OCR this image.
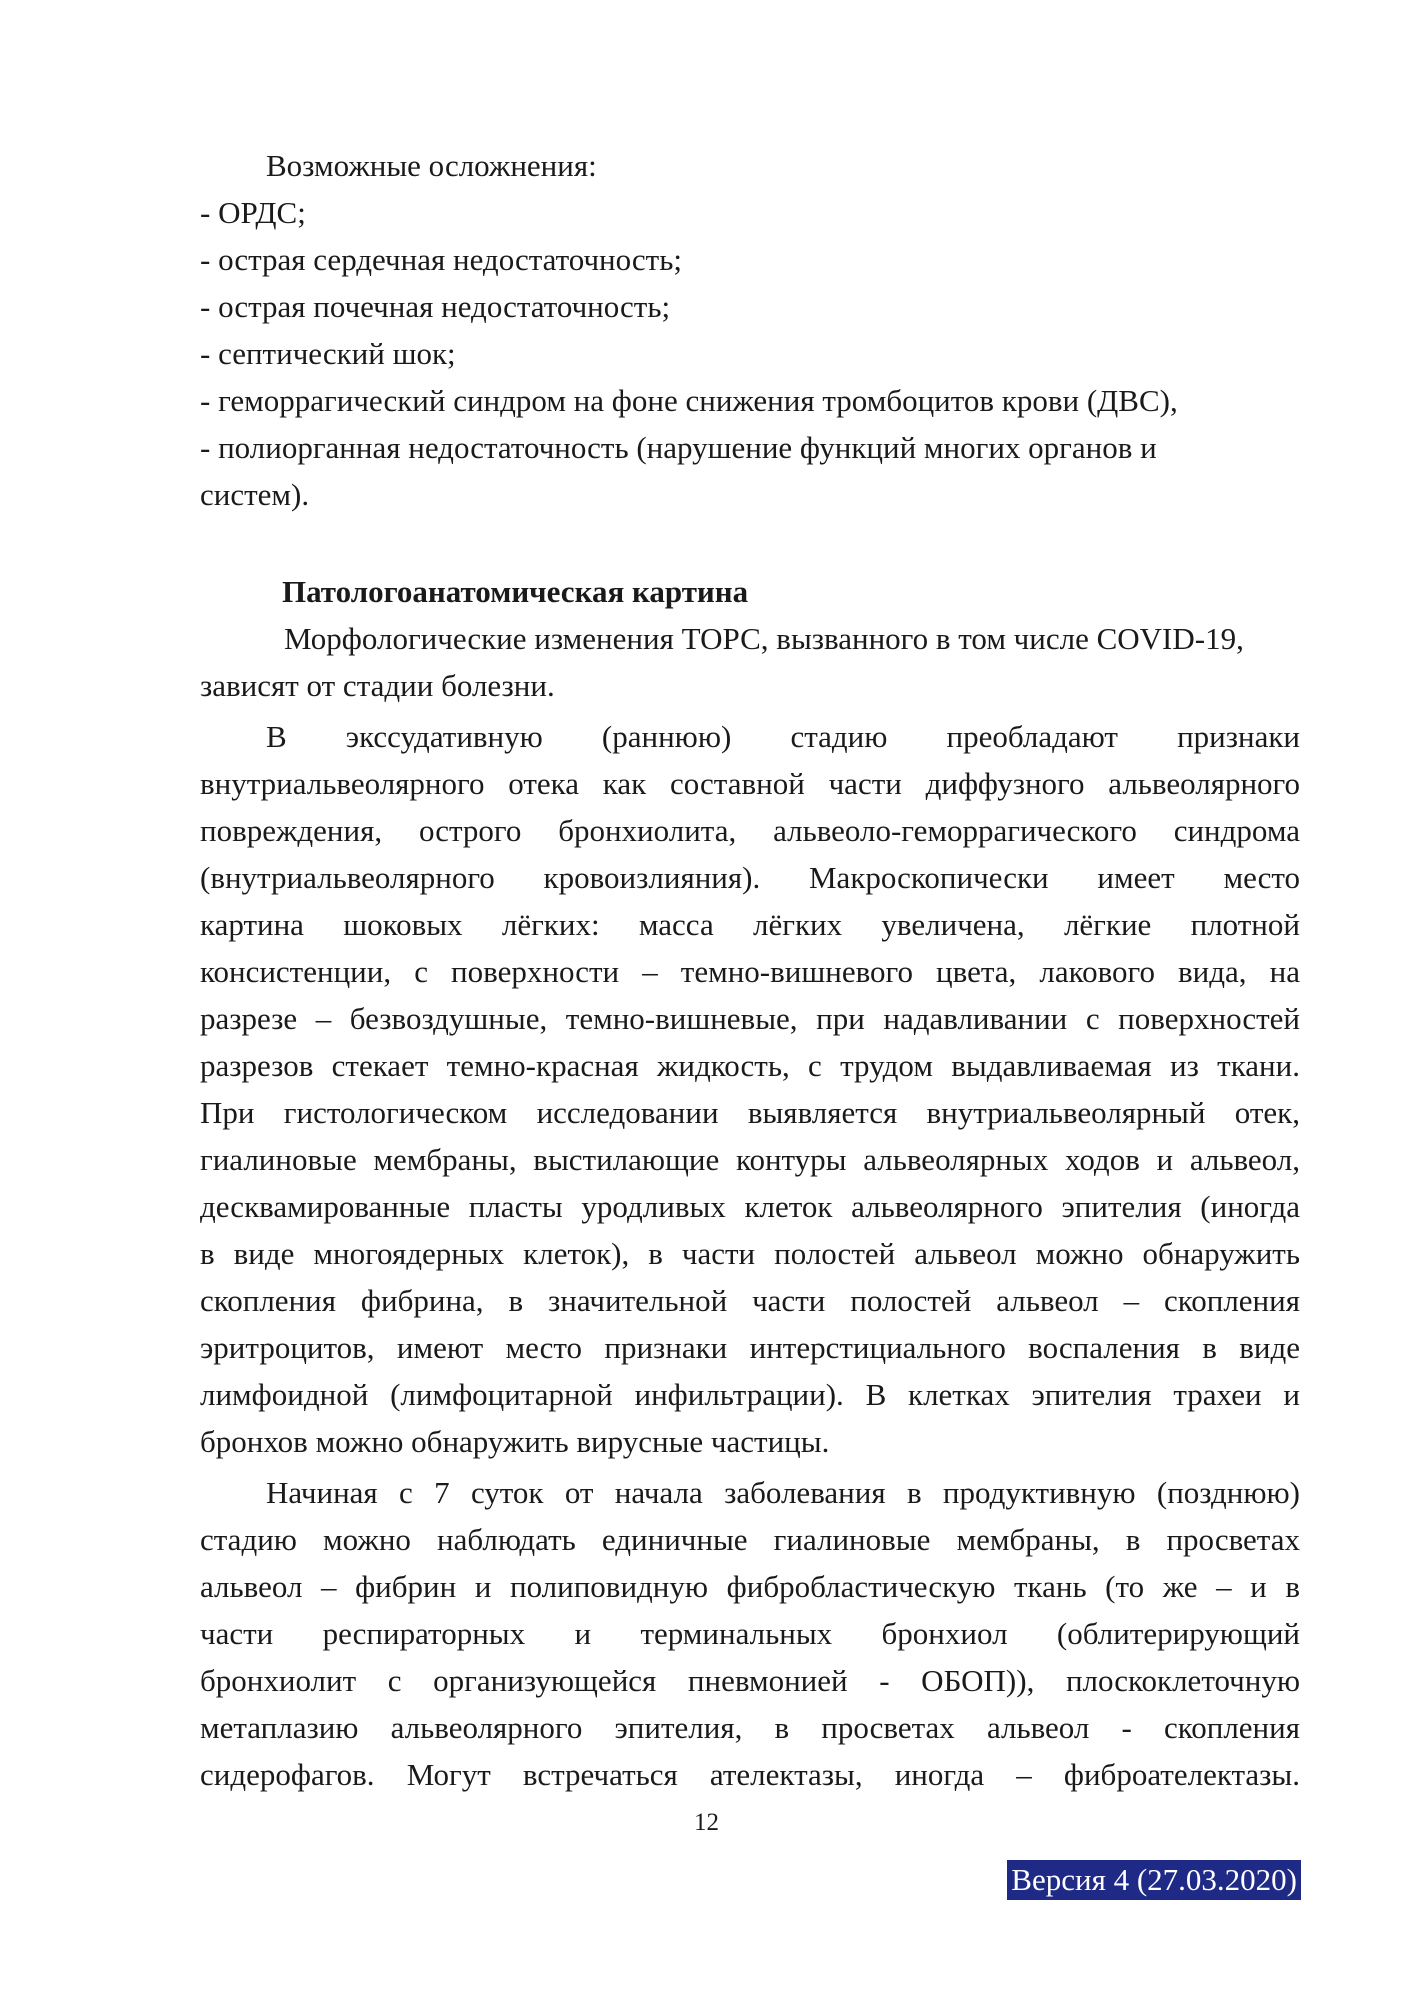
Возможные осложнения:
- ОРДС;
- острая сердечная недостаточность;
- острая почечная недостаточность;
- септический шок;
- геморрагический синдром на фоне снижения тромбоцитов крови (ДВС),
- полиорганная недостаточность (нарушение функций многих органов и
систем).
Патологоанатомическая картина
Морфологические изменения ТОРС, вызванного в том числе COVID-19,
зависят от стадии болезни.
В экссудативную (раннюю) стадию преобладают признаки
внутриальвеолярного отека как составной части диффузного альвеолярного
повреждения, острого бронхиолита, альвеоло-геморрагического синдрома
(внутриальвеолярного кровоизлияния). Макроскопически имеет место
картина шоковых лёгких: масса лёгких увеличена, лёгкие плотной
консистенции, с поверхности – темно-вишневого цвета, лакового вида, на
разрезе – безвоздушные, темно-вишневые, при надавливании с поверхностей
разрезов стекает темно-красная жидкость, с трудом выдавливаемая из ткани.
При гистологическом исследовании выявляется внутриальвеолярный отек,
гиалиновые мембраны, выстилающие контуры альвеолярных ходов и альвеол,
десквамированные пласты уродливых клеток альвеолярного эпителия (иногда
в виде многоядерных клеток), в части полостей альвеол можно обнаружить
скопления фибрина, в значительной части полостей альвеол – скопления
эритроцитов, имеют место признаки интерстициального воспаления в виде
лимфоидной (лимфоцитарной инфильтрации). В клетках эпителия трахеи и
бронхов можно обнаружить вирусные частицы.
Начиная с 7 суток от начала заболевания в продуктивную (позднюю)
стадию можно наблюдать единичные гиалиновые мембраны, в просветах
альвеол – фибрин и полиповидную фибробластическую ткань (то же – и в
части респираторных и терминальных бронхиол (облитерирующий
бронхиолит с организующейся пневмонией - ОБОП)), плоскоклеточную
метаплазию альвеолярного эпителия, в просветах альвеол - скопления
сидерофагов. Могут встречаться ателектазы, иногда – фиброателектазы.
12
Версия 4 (27.03.2020)
